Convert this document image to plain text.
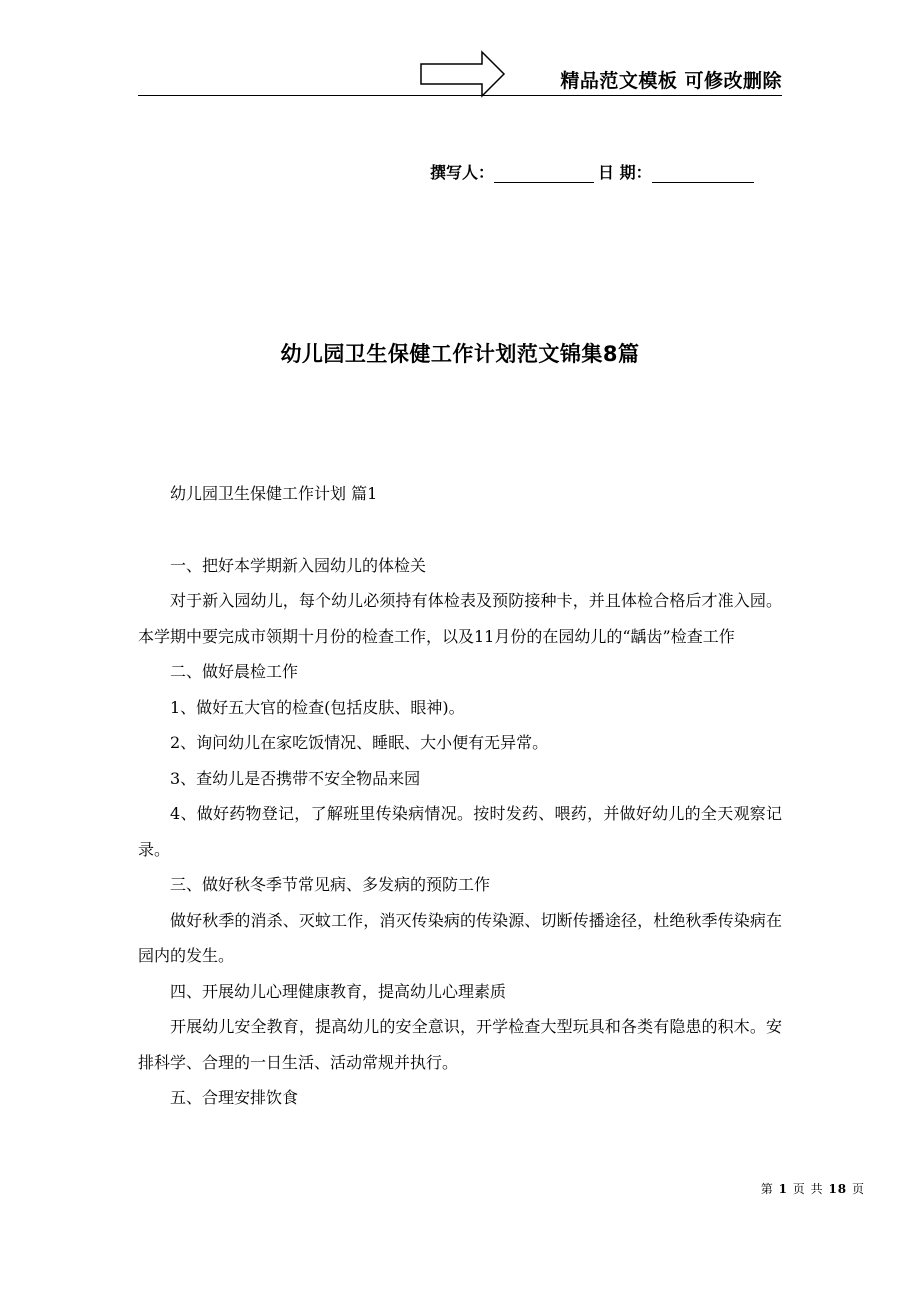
精品范文模板 可修改删除
撰写人：	日 期：
幼儿园卫生保健工作计划范文锦集8篇

幼儿园卫生保健工作计划 篇1

一、把好本学期新入园幼儿的体检关

对于新入园幼儿，每个幼儿必须持有体检表及预防接种卡，并且体检合格后才准入园。本学期中要完成市领期十月份的检查工作，以及11月份的在园幼儿的“龋齿”检查工作

二、做好晨检工作

1、做好五大官的检查(包括皮肤、眼神)。

2、询问幼儿在家吃饭情况、睡眠、大小便有无异常。

3、查幼儿是否携带不安全物品来园

4、做好药物登记，了解班里传染病情况。按时发药、喂药，并做好幼儿的全天观察记录。

三、做好秋冬季节常见病、多发病的预防工作

做好秋季的消杀、灭蚊工作，消灭传染病的传染源、切断传播途径，杜绝秋季传染病在园内的发生。

四、开展幼儿心理健康教育，提高幼儿心理素质

开展幼儿安全教育，提高幼儿的安全意识，开学检查大型玩具和各类有隐患的积木。安排科学、合理的一日生活、活动常规并执行。

五、合理安排饮食

第 1 页 共 18 页
